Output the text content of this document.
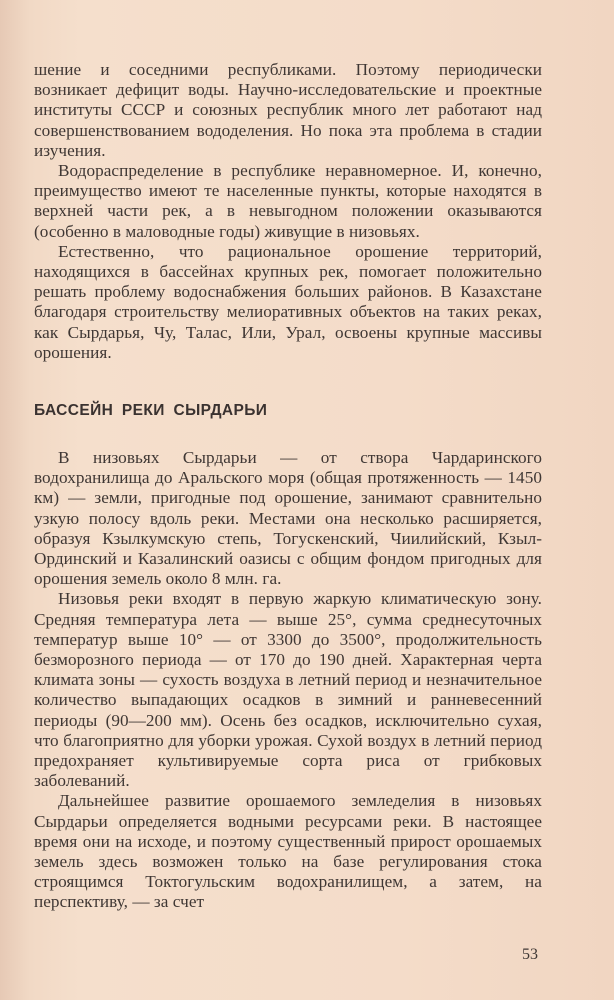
шение и соседними республиками. Поэтому периодически возникает дефицит воды. Научно-исследовательские и проектные институты СССР и союзных республик много лет работают над совершенствованием вододеления. Но пока эта проблема в стадии изучения.

Водораспределение в республике неравномерное. И, конечно, преимущество имеют те населенные пункты, которые находятся в верхней части рек, а в невыгодном положении оказываются (особенно в маловодные годы) живущие в низовьях.

Естественно, что рациональное орошение территорий, находящихся в бассейнах крупных рек, помогает положительно решать проблему водоснабжения больших районов. В Казахстане благодаря строительству мелиоративных объектов на таких реках, как Сырдарья, Чу, Талас, Или, Урал, освоены крупные массивы орошения.

БАССЕЙН РЕКИ СЫРДАРЬИ

В низовьях Сырдарьи — от створа Чардаринского водохранилища до Аральского моря (общая протяженность — 1450 км) — земли, пригодные под орошение, занимают сравнительно узкую полосу вдоль реки. Местами она несколько расширяется, образуя Кзылкумскую степь, Тогускенский, Чиилийский, Кзыл-Ординский и Казалинский оазисы с общим фондом пригодных для орошения земель около 8 млн. га.

Низовья реки входят в первую жаркую климатическую зону. Средняя температура лета — выше 25°, сумма среднесуточных температур выше 10° — от 3300 до 3500°, продолжительность безморозного периода — от 170 до 190 дней. Характерная черта климата зоны — сухость воздуха в летний период и незначительное количество выпадающих осадков в зимний и ранневесенний периоды (90—200 мм). Осень без осадков, исключительно сухая, что благоприятно для уборки урожая. Сухой воздух в летний период предохраняет культивируемые сорта риса от грибковых заболеваний.

Дальнейшее развитие орошаемого земледелия в низовьях Сырдарьи определяется водными ресурсами реки. В настоящее время они на исходе, и поэтому существенный прирост орошаемых земель здесь возможен только на базе регулирования стока строящимся Токтогульским водохранилищем, а затем, на перспективу, — за счет

53
